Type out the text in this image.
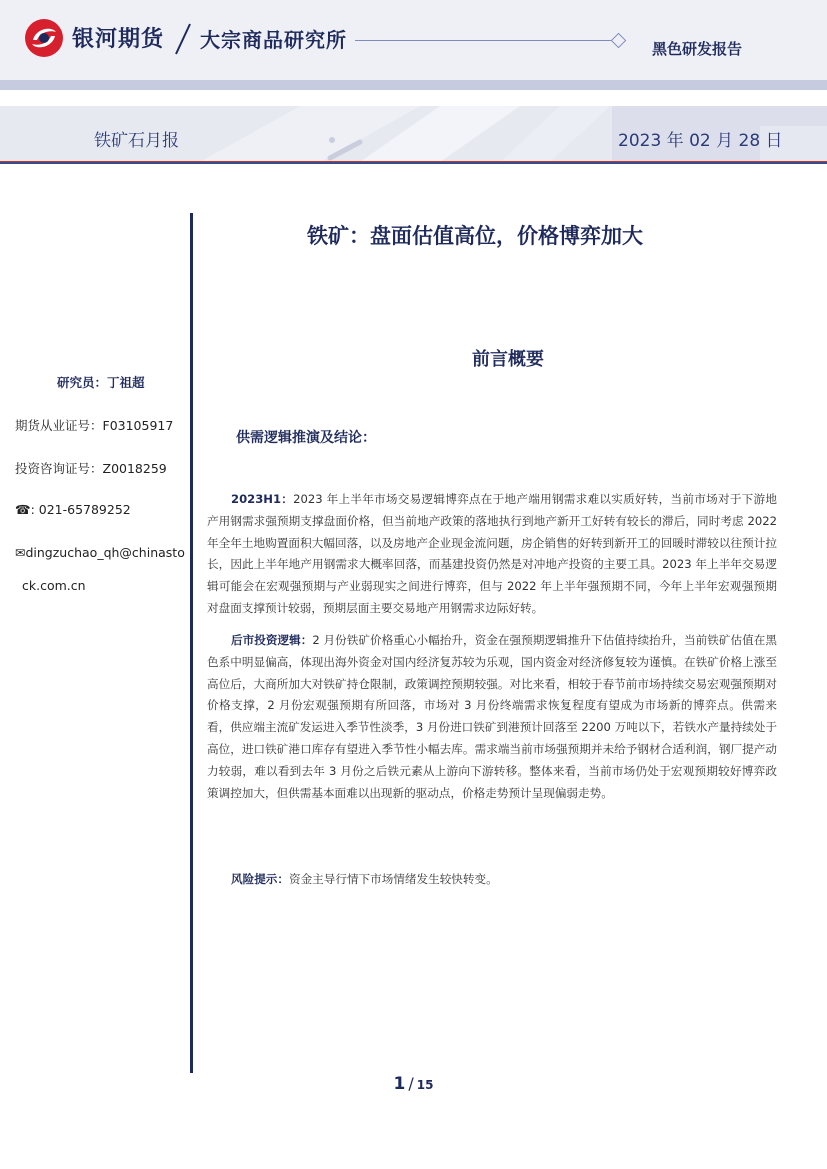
银河期货 大宗商品研究所	黑色研发报告
铁矿石月报	2023 年 02 月 28 日
研究员：丁祖超
期货从业证号：F03105917
投资咨询证号：Z0018259
☎: 021-65789252
✉dingzuchao_qh@chinasto
ck.com.cn
铁矿：盘面估值高位，价格博弈加大
前言概要
供需逻辑推演及结论：

2023H1：2023 年上半年市场交易逻辑博弈点在于地产端用钢需求难以实质好转，当前市场对于下游地产用钢需求强预期支撑盘面价格，但当前地产政策的落地执行到地产新开工好转有较长的滞后，同时考虑 2022 年全年土地购置面积大幅回落，以及房地产企业现金流问题，房企销售的好转到新开工的回暖时滞较以往预计拉长，因此上半年地产用钢需求大概率回落，而基建投资仍然是对冲地产投资的主要工具。2023 年上半年交易逻辑可能会在宏观强预期与产业弱现实之间进行博弈，但与 2022 年上半年强预期不同，今年上半年宏观强预期对盘面支撑预计较弱，预期层面主要交易地产用钢需求边际好转。

后市投资逻辑：2 月份铁矿价格重心小幅抬升，资金在强预期逻辑推升下估值持续抬升，当前铁矿估值在黑色系中明显偏高，体现出海外资金对国内经济复苏较为乐观，国内资金对经济修复较为谨慎。在铁矿价格上涨至高位后，大商所加大对铁矿持仓限制，政策调控预期较强。对比来看，相较于春节前市场持续交易宏观强预期对价格支撑，2 月份宏观强预期有所回落，市场对 3 月份终端需求恢复程度有望成为市场新的博弈点。供需来看，供应端主流矿发运进入季节性淡季，3 月份进口铁矿到港预计回落至 2200 万吨以下，若铁水产量持续处于高位，进口铁矿港口库存有望进入季节性小幅去库。需求端当前市场强预期并未给予钢材合适利润，钢厂提产动力较弱，难以看到去年 3 月份之后铁元素从上游向下游转移。整体来看，当前市场仍处于宏观预期较好博弈政策调控加大，但供需基本面难以出现新的驱动点，价格走势预计呈现偏弱走势。

风险提示：资金主导行情下市场情绪发生较快转变。

1 / 15
